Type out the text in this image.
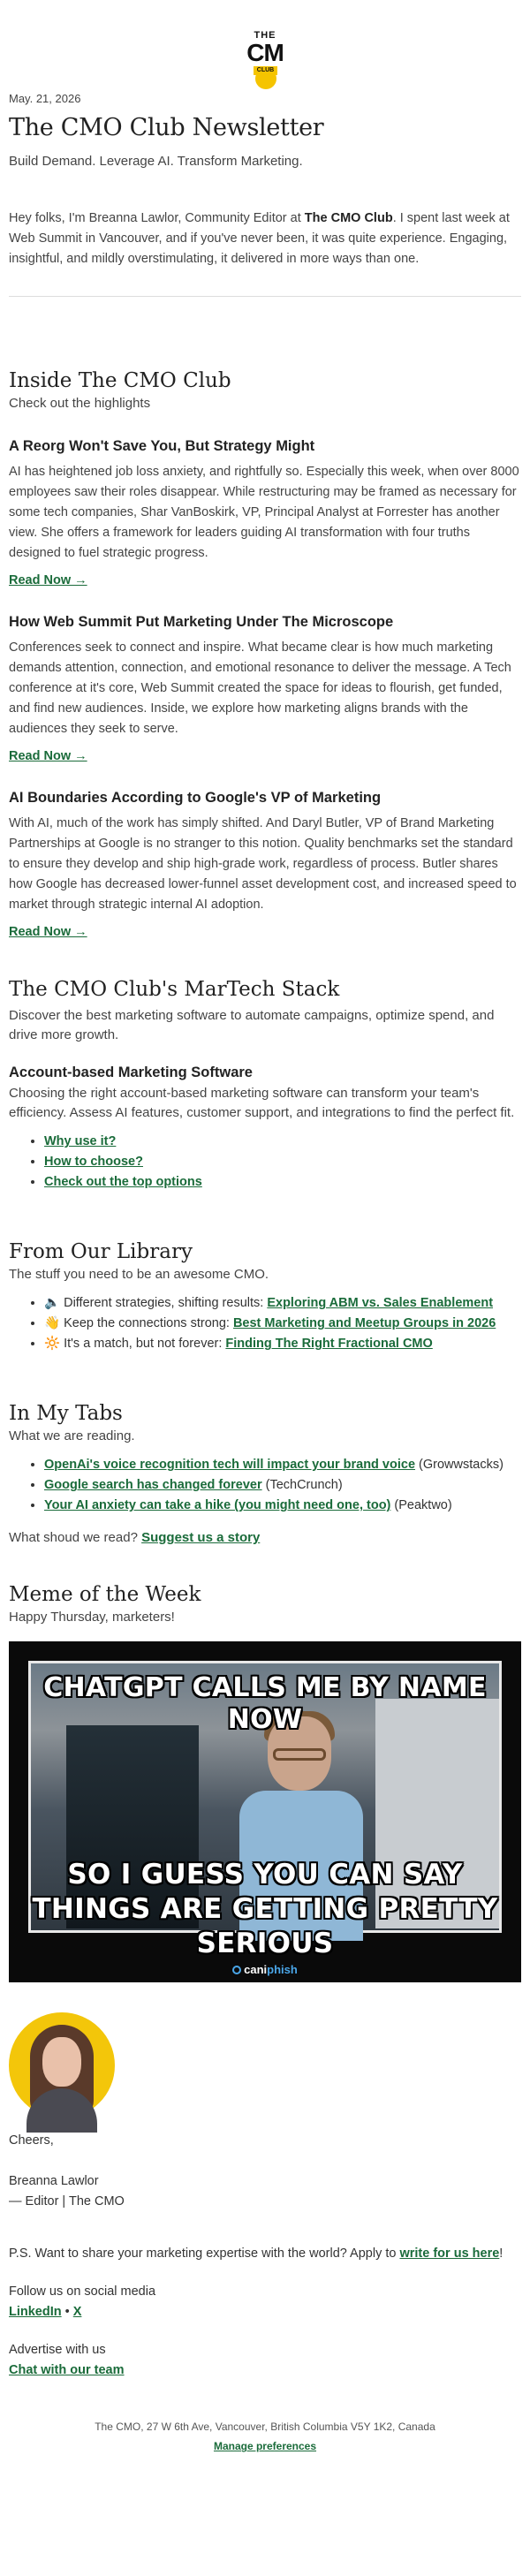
THE
CM
CLUB
May. 21, 2026
The CMO Club Newsletter
Build Demand. Leverage AI. Transform Marketing.

Hey folks, I'm Breanna Lawlor, Community Editor at The CMO Club. I spent last week at Web Summit in Vancouver, and if you've never been, it was quite experience. Engaging, insightful, and mildly overstimulating, it delivered in more ways than one.

Inside The CMO Club
Check out the highlights
A Reorg Won't Save You, But Strategy Might

AI has heightened job loss anxiety, and rightfully so. Especially this week, when over 8000 employees saw their roles disappear. While restructuring may be framed as necessary for some tech companies, Shar VanBoskirk, VP, Principal Analyst at Forrester has another view. She offers a framework for leaders guiding AI transformation with four truths designed to fuel strategic progress.

Read Now →
How Web Summit Put Marketing Under The Microscope

Conferences seek to connect and inspire. What became clear is how much marketing demands attention, connection, and emotional resonance to deliver the message. A Tech conference at it's core, Web Summit created the space for ideas to flourish, get funded, and find new audiences. Inside, we explore how marketing aligns brands with the audiences they seek to serve.

Read Now →
AI Boundaries According to Google's VP of Marketing

With AI, much of the work has simply shifted. And Daryl Butler, VP of Brand Marketing Partnerships at Google is no stranger to this notion. Quality benchmarks set the standard to ensure they develop and ship high-grade work, regardless of process. Butler shares how Google has decreased lower-funnel asset development cost, and increased speed to market through strategic internal AI adoption.

Read Now →
The CMO Club's MarTech Stack
Discover the best marketing software to automate campaigns, optimize spend, and drive more growth.
Account-based Marketing Software

Choosing the right account-based marketing software can transform your team's efficiency. Assess AI features, customer support, and integrations to find the perfect fit.

• Why use it?
• How to choose?
• Check out the top options
From Our Library
The stuff you need to be an awesome CMO.
• 🔈 Different strategies, shifting results: Exploring ABM vs. Sales Enablement
• 👋 Keep the connections strong: Best Marketing and Meetup Groups in 2026
• 🔆 It's a match, but not forever: Finding The Right Fractional CMO
In My Tabs
What we are reading.
• OpenAi's voice recognition tech will impact your brand voice (Growwstacks)
• Google search has changed forever (TechCrunch)
• Your AI anxiety can take a hike (you might need one, too) (Peaktwo)

What shoud we read? Suggest us a story

Meme of the Week
Happy Thursday, marketers!
CHATGPT CALLS ME BY NAME NOW
SO I GUESS YOU CAN SAY THINGS ARE GETTING PRETTY SERIOUS
caniphish

Cheers,

Breanna Lawlor

— Editor | The CMO

P.S. Want to share your marketing expertise with the world? Apply to write for us here!

Follow us on social media

LinkedIn • X

Advertise with us

Chat with our team

The CMO, 27 W 6th Ave, Vancouver, British Columbia V5Y 1K2, Canada
Manage preferences
